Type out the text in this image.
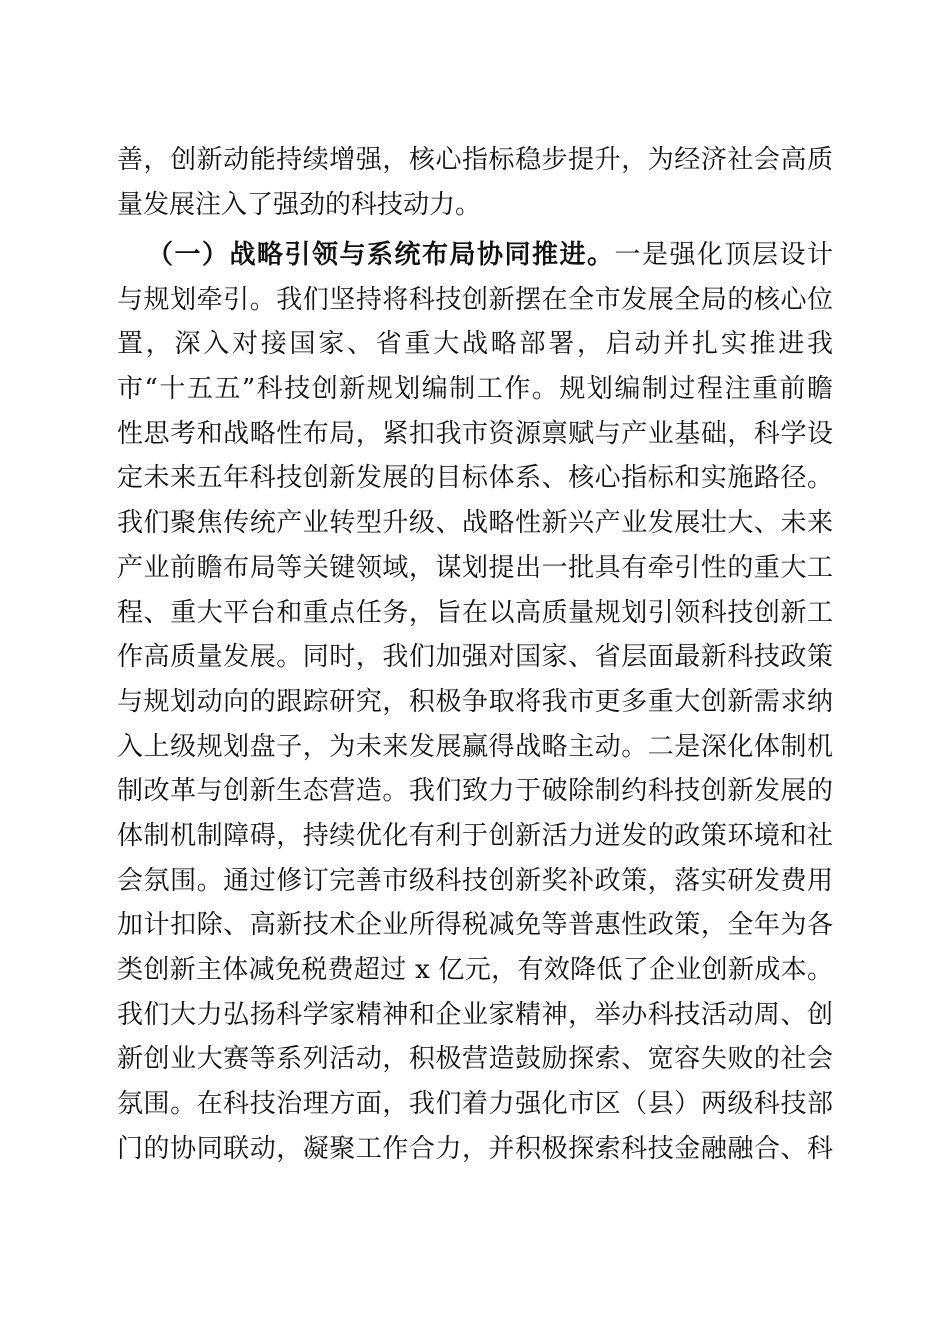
善，创新动能持续增强，核心指标稳步提升，为经济社会高质
量发展注入了强劲的科技动力。
（一）战略引领与系统布局协同推进。一是强化顶层设计
与规划牵引。我们坚持将科技创新摆在全市发展全局的核心位
置，深入对接国家、省重大战略部署，启动并扎实推进我
市“十五五”科技创新规划编制工作。规划编制过程注重前瞻
性思考和战略性布局，紧扣我市资源禀赋与产业基础，科学设
定未来五年科技创新发展的目标体系、核心指标和实施路径。
我们聚焦传统产业转型升级、战略性新兴产业发展壮大、未来
产业前瞻布局等关键领域，谋划提出一批具有牵引性的重大工
程、重大平台和重点任务，旨在以高质量规划引领科技创新工
作高质量发展。同时，我们加强对国家、省层面最新科技政策
与规划动向的跟踪研究，积极争取将我市更多重大创新需求纳
入上级规划盘子，为未来发展赢得战略主动。二是深化体制机
制改革与创新生态营造。我们致力于破除制约科技创新发展的
体制机制障碍，持续优化有利于创新活力迸发的政策环境和社
会氛围。通过修订完善市级科技创新奖补政策，落实研发费用
加计扣除、高新技术企业所得税减免等普惠性政策，全年为各
类创新主体减免税费超过 x 亿元，有效降低了企业创新成本。
我们大力弘扬科学家精神和企业家精神，举办科技活动周、创
新创业大赛等系列活动，积极营造鼓励探索、宽容失败的社会
氛围。在科技治理方面，我们着力强化市区（县）两级科技部
门的协同联动，凝聚工作合力，并积极探索科技金融融合、科
